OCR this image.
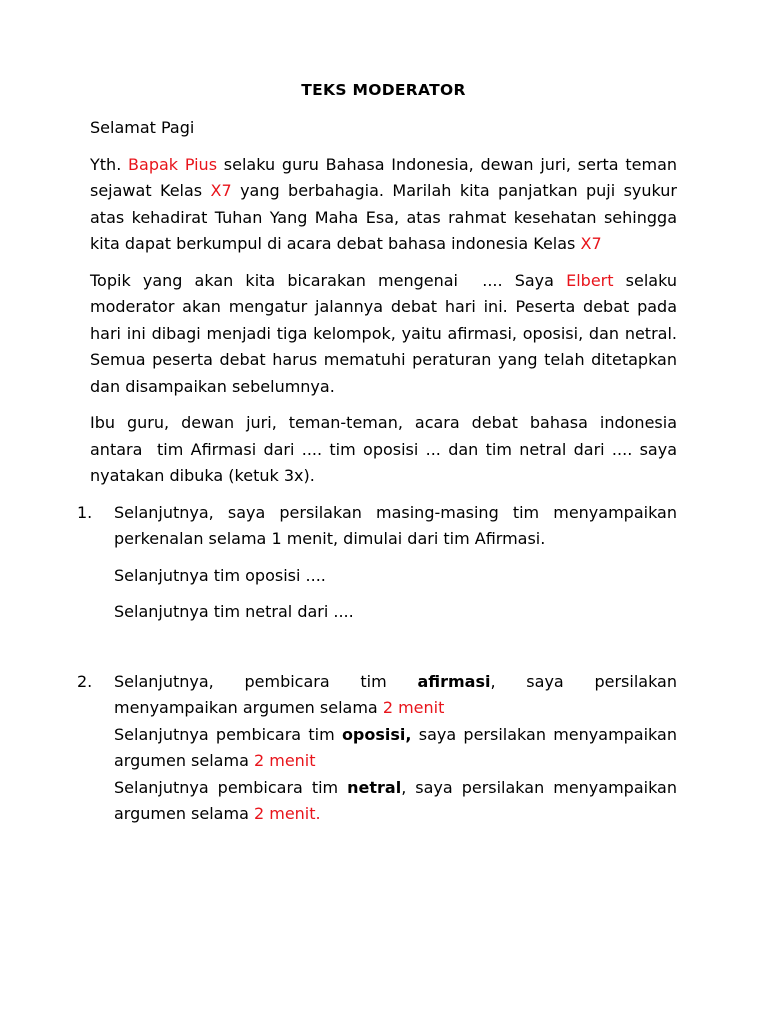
TEKS MODERATOR

Selamat Pagi

Yth. Bapak Pius selaku guru Bahasa Indonesia, dewan juri, serta teman sejawat Kelas X7 yang berbahagia. Marilah kita panjatkan puji syukur atas kehadirat Tuhan Yang Maha Esa, atas rahmat kesehatan sehingga kita dapat berkumpul di acara debat bahasa indonesia Kelas X7

Topik yang akan kita bicarakan mengenai  .... Saya Elbert selaku moderator akan mengatur jalannya debat hari ini. Peserta debat pada hari ini dibagi menjadi tiga kelompok, yaitu afirmasi, oposisi, dan netral. Semua peserta debat harus mematuhi peraturan yang telah ditetapkan dan disampaikan sebelumnya.

Ibu guru, dewan juri, teman-teman, acara debat bahasa indonesia antara  tim Afirmasi dari .... tim oposisi ... dan tim netral dari .... saya nyatakan dibuka (ketuk 3x).

1. Selanjutnya, saya persilakan masing-masing tim menyampaikan perkenalan selama 1 menit, dimulai dari tim Afirmasi.

Selanjutnya tim oposisi ....

Selanjutnya tim netral dari ....

2. Selanjutnya, pembicara tim afirmasi, saya persilakan menyampaikan argumen selama 2 menit

Selanjutnya pembicara tim oposisi, saya persilakan menyampaikan argumen selama 2 menit

Selanjutnya pembicara tim netral, saya persilakan menyampaikan argumen selama 2 menit.
